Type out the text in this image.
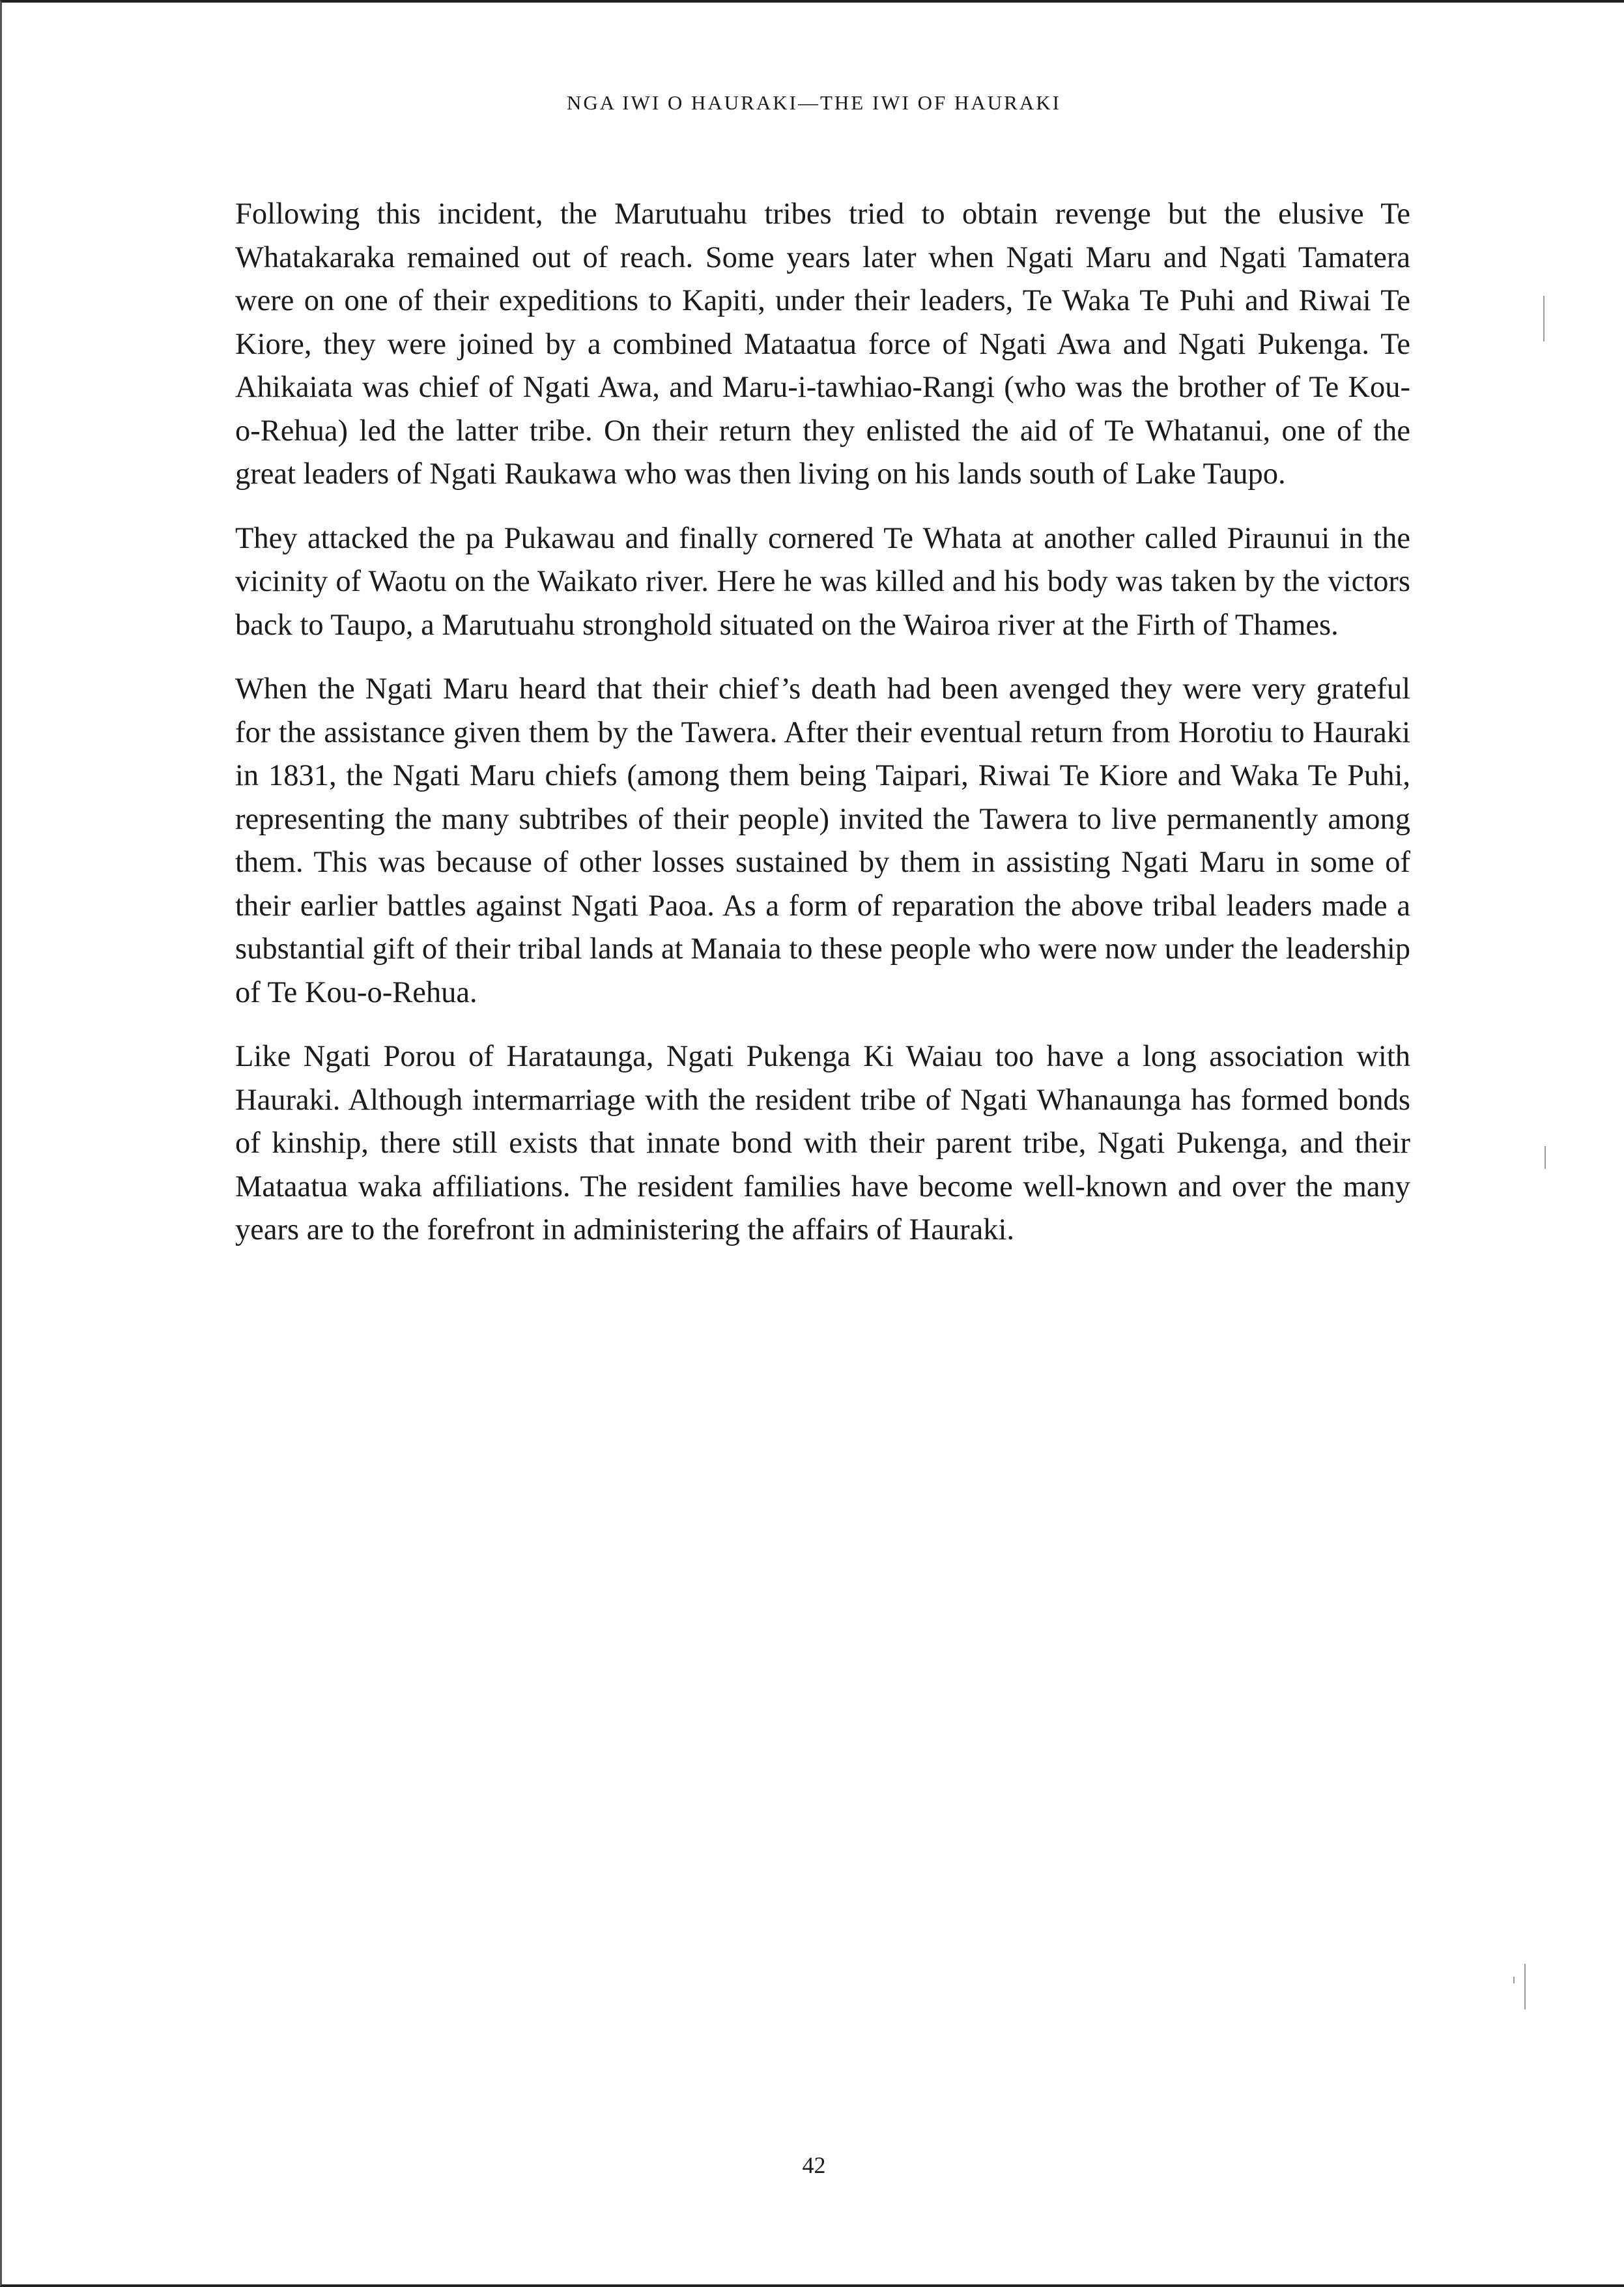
NGA IWI O HAURAKI—THE IWI OF HAURAKI

Following this incident, the Marutuahu tribes tried to obtain revenge but the elusive Te Whatakaraka remained out of reach. Some years later when Ngati Maru and Ngati Tamatera were on one of their expeditions to Kapiti, under their leaders, Te Waka Te Puhi and Riwai Te Kiore, they were joined by a combined Mataatua force of Ngati Awa and Ngati Pukenga. Te Ahikaiata was chief of Ngati Awa, and Maru-i-tawhiao-Rangi (who was the brother of Te Kou-o-Rehua) led the latter tribe. On their return they enlisted the aid of Te Whatanui, one of the great leaders of Ngati Raukawa who was then living on his lands south of Lake Taupo.

They attacked the pa Pukawau and finally cornered Te Whata at another called Piraunui in the vicinity of Waotu on the Waikato river. Here he was killed and his body was taken by the victors back to Taupo, a Marutuahu stronghold situated on the Wairoa river at the Firth of Thames.

When the Ngati Maru heard that their chief’s death had been avenged they were very grateful for the assistance given them by the Tawera. After their eventual return from Horotiu to Hauraki in 1831, the Ngati Maru chiefs (among them being Taipari, Riwai Te Kiore and Waka Te Puhi, representing the many subtribes of their people) invited the Tawera to live permanently among them. This was because of other losses sustained by them in assisting Ngati Maru in some of their earlier battles against Ngati Paoa. As a form of reparation the above tribal leaders made a substantial gift of their tribal lands at Manaia to these people who were now under the leadership of Te Kou-o-Rehua.

Like Ngati Porou of Harataunga, Ngati Pukenga Ki Waiau too have a long association with Hauraki. Although intermarriage with the resident tribe of Ngati Whanaunga has formed bonds of kinship, there still exists that innate bond with their parent tribe, Ngati Pukenga, and their Mataatua waka affiliations. The resident families have become well-known and over the many years are to the forefront in administering the affairs of Hauraki.

42
